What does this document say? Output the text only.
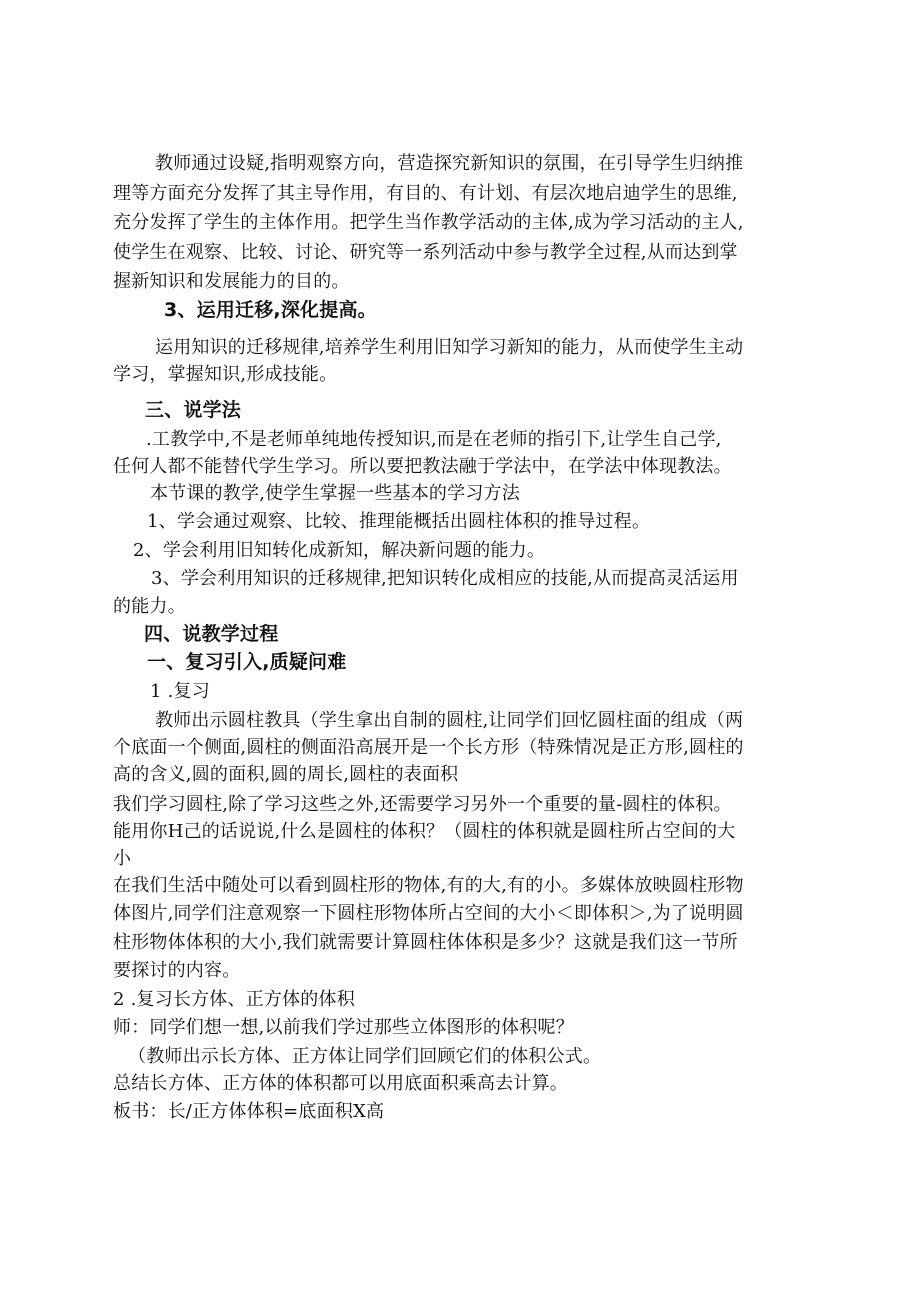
教师通过设疑,指明观察方向，营造探究新知识的氛围，在引导学生归纳推
理等方面充分发挥了其主导作用，有目的、有计划、有层次地启迪学生的思维,
充分发挥了学生的主体作用。把学生当作教学活动的主体,成为学习活动的主人,
使学生在观察、比较、讨论、研究等一系列活动中参与教学全过程,从而达到掌
握新知识和发展能力的目的。
3、运用迁移,深化提高。
运用知识的迁移规律,培养学生利用旧知学习新知的能力，从而使学生主动
学习，掌握知识,形成技能。
三、说学法
.工教学中,不是老师单纯地传授知识,而是在老师的指引下,让学生自己学,
任何人都不能替代学生学习。所以要把教法融于学法中，在学法中体现教法。
本节课的教学,使学生掌握一些基本的学习方法
1、学会通过观察、比较、推理能概括出圆柱体积的推导过程。
2、学会利用旧知转化成新知，解决新问题的能力。
3、学会利用知识的迁移规律,把知识转化成相应的技能,从而提高灵活运用
的能力。
四、说教学过程
一、复习引入,质疑问难
1 .复习
教师出示圆柱教具（学生拿出自制的圆柱,让同学们回忆圆柱面的组成（两
个底面一个侧面,圆柱的侧面沿高展开是一个长方形（特殊情况是正方形,圆柱的
高的含义,圆的面积,圆的周长,圆柱的表面积
我们学习圆柱,除了学习这些之外,还需要学习另外一个重要的量-圆柱的体积。
能用你H己的话说说,什么是圆柱的体积？（圆柱的体积就是圆柱所占空间的大
小
在我们生活中随处可以看到圆柱形的物体,有的大,有的小。多媒体放映圆柱形物
体图片,同学们注意观察一下圆柱形物体所占空间的大小＜即体积＞,为了说明圆
柱形物体体积的大小,我们就需要计算圆柱体体积是多少？这就是我们这一节所
要探讨的内容。
2 .复习长方体、正方体的体积
师：同学们想一想,以前我们学过那些立体图形的体积呢？
（教师出示长方体、正方体让同学们回顾它们的体积公式。
总结长方体、正方体的体积都可以用底面积乘高去计算。
板书：长/正方体体积=底面积X高
